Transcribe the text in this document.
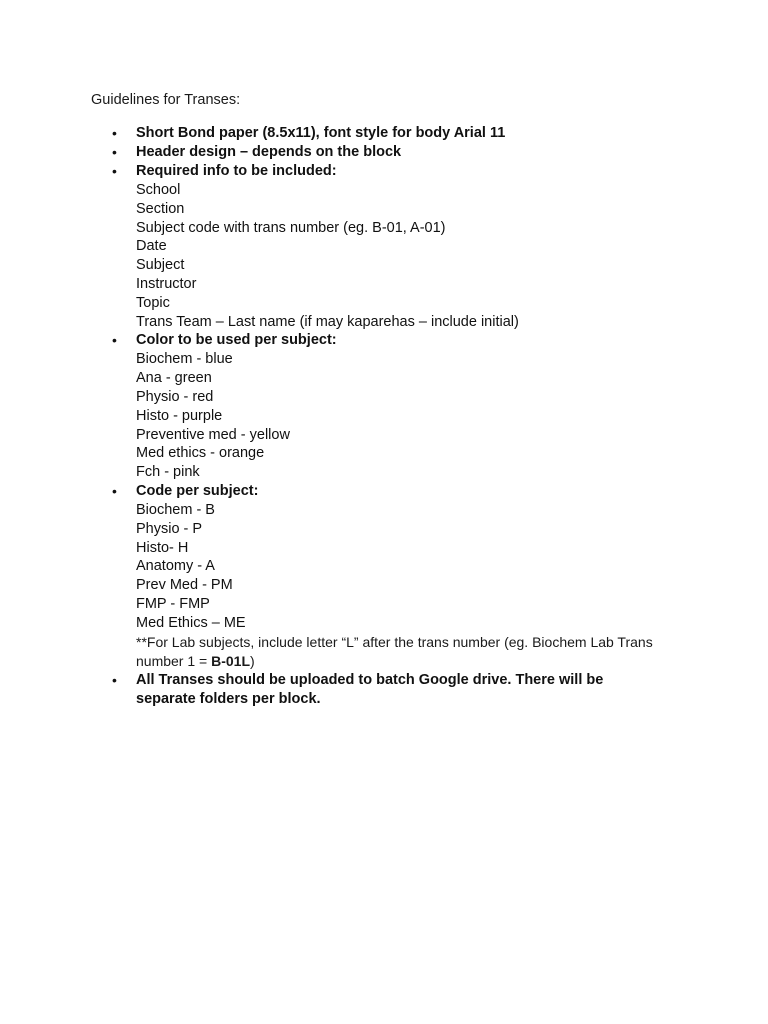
Guidelines for Transes:
• Short Bond paper (8.5x11), font style for body Arial 11
• Header design – depends on the block
• Required info to be included:
School
Section
Subject code with trans number (eg. B-01, A-01)
Date
Subject
Instructor
Topic
Trans Team – Last name (if may kaparehas – include initial)
• Color to be used per subject:
Biochem - blue
Ana - green
Physio - red
Histo - purple
Preventive med - yellow
Med ethics - orange
Fch - pink
• Code per subject:
Biochem - B
Physio - P
Histo- H
Anatomy - A
Prev Med - PM
FMP - FMP
Med Ethics – ME
**For Lab subjects, include letter “L” after the trans number (eg. Biochem Lab Trans number 1 = B-01L)
• All Transes should be uploaded to batch Google drive. There will be separate folders per block.
